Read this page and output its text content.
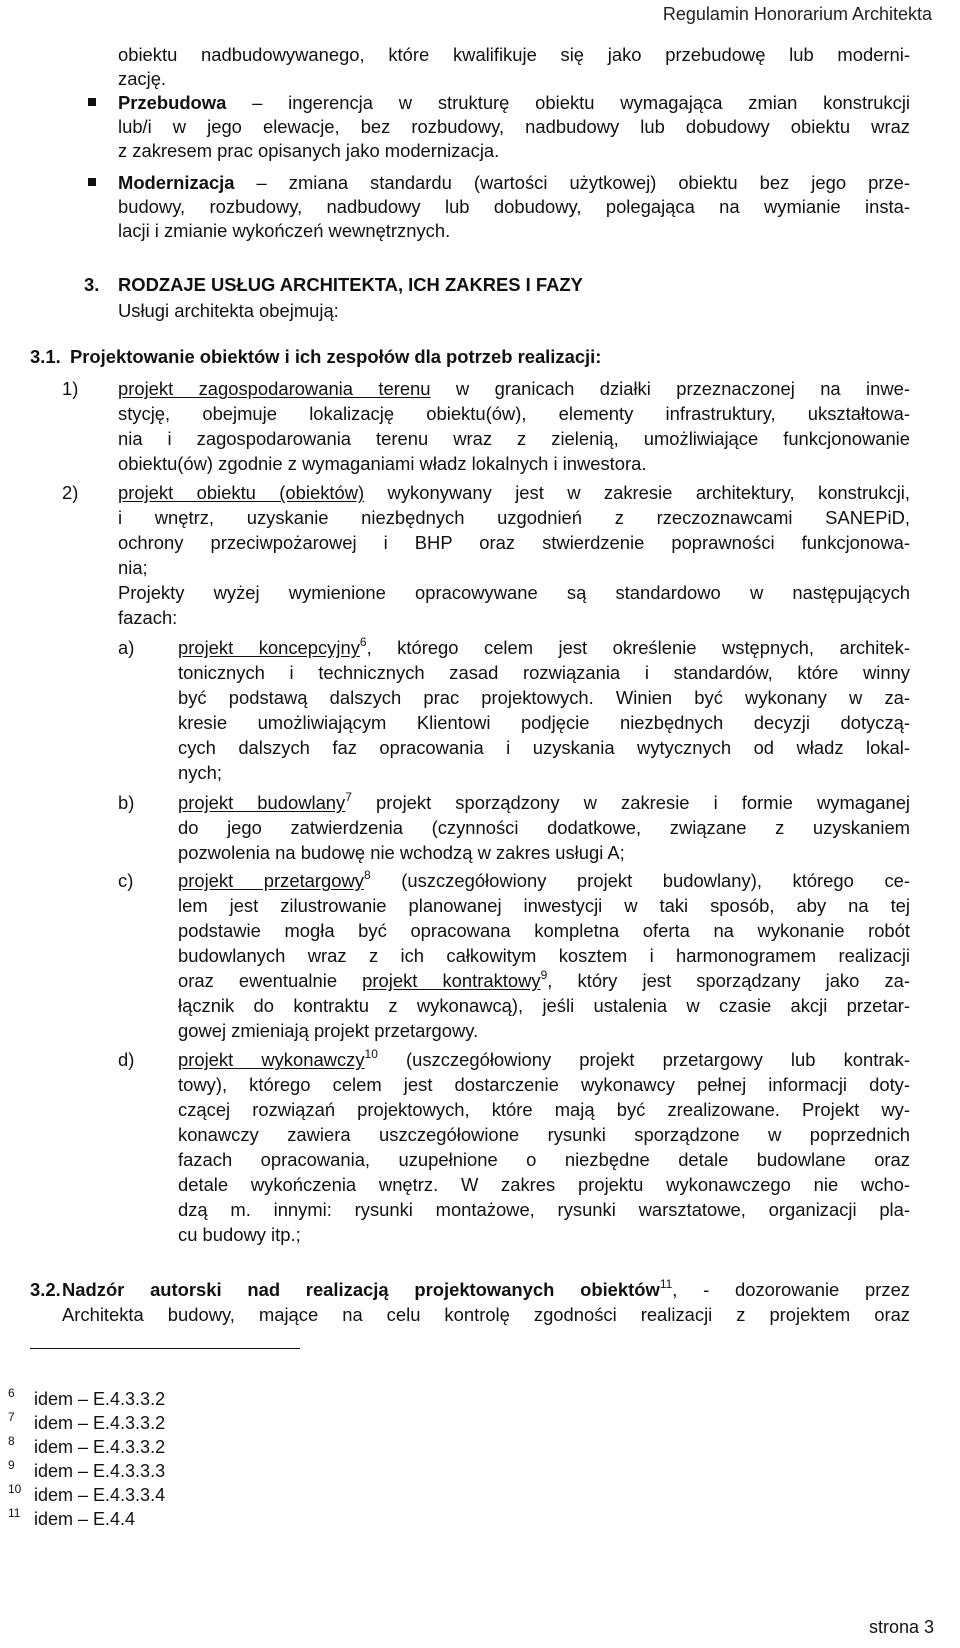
Regulamin Honorarium Architekta
obiektu nadbudowywanego, które kwalifikuje się jako przebudowę lub moderni-
zację.
Przebudowa – ingerencja w strukturę obiektu wymagająca zmian konstrukcji
lub/i w jego elewacje, bez rozbudowy, nadbudowy lub dobudowy obiektu wraz
z zakresem prac opisanych jako modernizacja.
Modernizacja – zmiana standardu (wartości użytkowej) obiektu bez jego prze-
budowy, rozbudowy, nadbudowy lub dobudowy, polegająca na wymianie insta-
lacji i zmianie wykończeń wewnętrznych.
3. RODZAJE USŁUG ARCHITEKTA, ICH ZAKRES I FAZY
Usługi architekta obejmują:
3.1. Projektowanie obiektów i ich zespołów dla potrzeb realizacji:
1) projekt zagospodarowania terenu w granicach działki przeznaczonej na inwe-
stycję, obejmuje lokalizację obiektu(ów), elementy infrastruktury, ukształtowa-
nia i zagospodarowania terenu wraz z zielenią, umożliwiające funkcjonowanie
obiektu(ów) zgodnie z wymaganiami władz lokalnych i inwestora.
2) projekt obiektu (obiektów) wykonywany jest w zakresie architektury, konstrukcji,
i wnętrz, uzyskanie niezbędnych uzgodnień z rzeczoznawcami SANEPiD,
ochrony przeciwpożarowej i BHP oraz stwierdzenie poprawności funkcjonowa-
nia;
Projekty wyżej wymienione opracowywane są standardowo w następujących
fazach:
a) projekt koncepcyjny$^6$, którego celem jest określenie wstępnych, architek-
tonicznych i technicznych zasad rozwiązania i standardów, które winny
być podstawą dalszych prac projektowych. Winien być wykonany w za-
kresie umożliwiającym Klientowi podjęcie niezbędnych decyzji dotyczą-
cych dalszych faz opracowania i uzyskania wytycznych od władz lokal-
nych;
b) projekt budowlany$^7$ projekt sporządzony w zakresie i formie wymaganej
do jego zatwierdzenia (czynności dodatkowe, związane z uzyskaniem
pozwolenia na budowę nie wchodzą w zakres usługi A;
c) projekt przetargowy$^8$ (uszczegółowiony projekt budowlany), którego ce-
lem jest zilustrowanie planowanej inwestycji w taki sposób, aby na tej
podstawie mogła być opracowana kompletna oferta na wykonanie robót
budowlanych wraz z ich całkowitym kosztem i harmonogramem realizacji
oraz ewentualnie projekt kontraktowy$^9$, który jest sporządzany jako za-
łącznik do kontraktu z wykonawcą), jeśli ustalenia w czasie akcji przetar-
gowej zmieniają projekt przetargowy.
d) projekt wykonawczy$^{10}$ (uszczegółowiony projekt przetargowy lub kontrak-
towy), którego celem jest dostarczenie wykonawcy pełnej informacji doty-
czącej rozwiązań projektowych, które mają być zrealizowane. Projekt wy-
konawczy zawiera uszczegółowione rysunki sporządzone w poprzednich
fazach opracowania, uzupełnione o niezbędne detale budowlane oraz
detale wykończenia wnętrz. W zakres projektu wykonawczego nie wcho-
dzą m. innymi: rysunki montażowe, rysunki warsztatowe, organizacji pla-
cu budowy itp.;
3.2. Nadzór autorski nad realizacją projektowanych obiektów$^{11}$, - dozorowanie przez
Architekta budowy, mające na celu kontrolę zgodności realizacji z projektem oraz
6 idem – E.4.3.3.2
7 idem – E.4.3.3.2
8 idem – E.4.3.3.2
9 idem – E.4.3.3.3
10 idem – E.4.3.3.4
11 idem – E.4.4
strona 3
